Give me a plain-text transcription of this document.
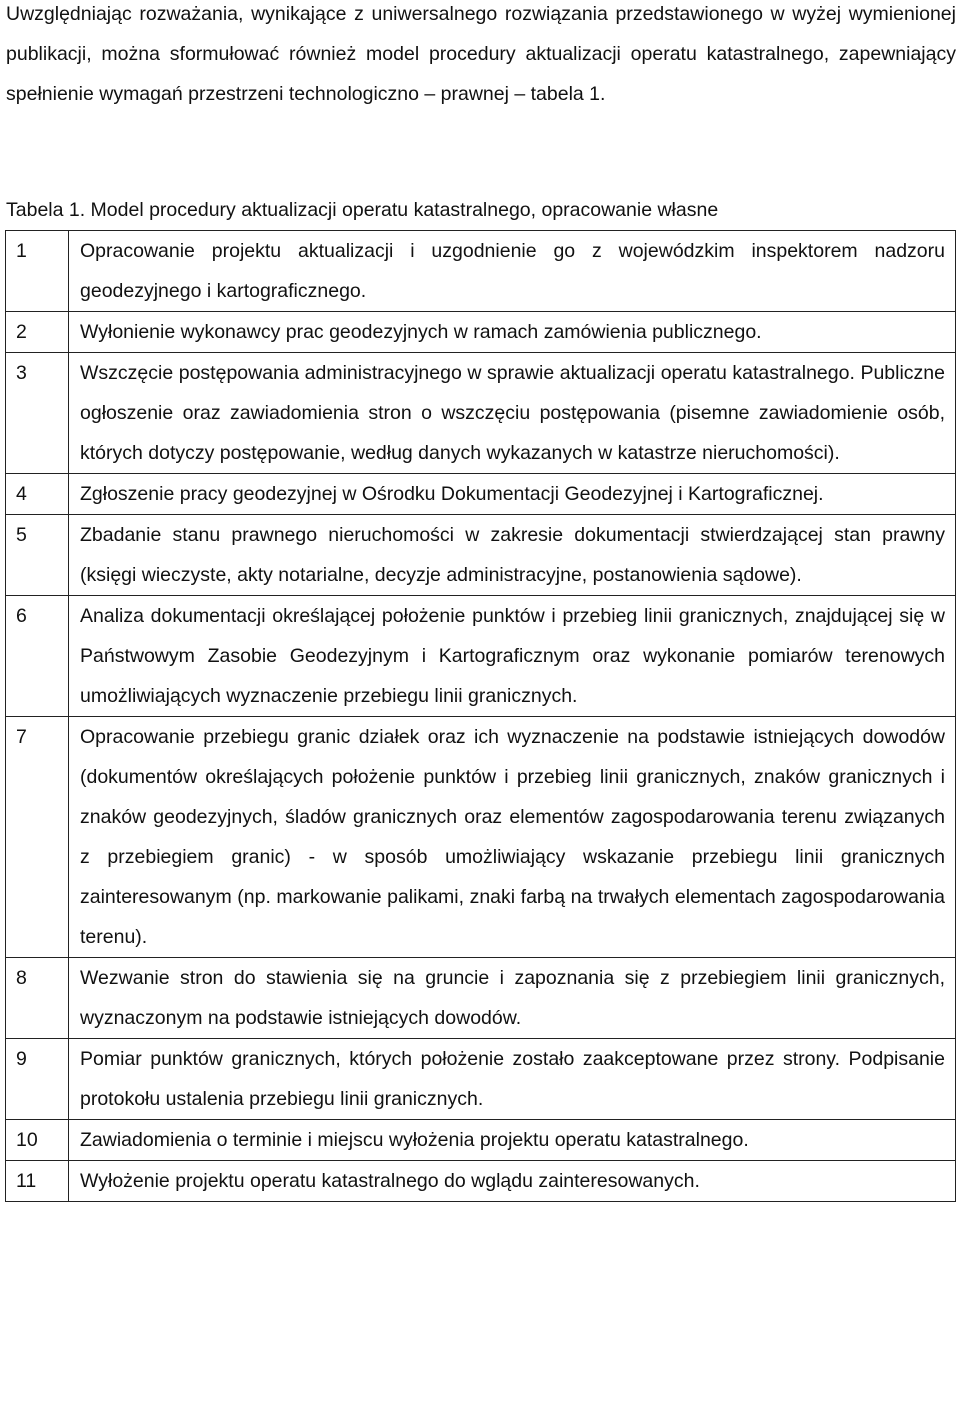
Uwzględniając rozważania, wynikające z uniwersalnego rozwiązania przedstawionego w wyżej wymienionej publikacji, można sformułować również model procedury aktualizacji operatu katastralnego, zapewniający spełnienie wymagań przestrzeni technologiczno – prawnej – tabela 1.

Tabela 1. Model procedury aktualizacji operatu katastralnego, opracowanie własne

1	Opracowanie projektu aktualizacji i uzgodnienie go z wojewódzkim inspektorem nadzoru geodezyjnego i kartograficznego.
2	Wyłonienie wykonawcy prac geodezyjnych w ramach zamówienia publicznego.
3	Wszczęcie postępowania administracyjnego w sprawie aktualizacji operatu katastralnego. Publiczne ogłoszenie oraz zawiadomienia stron o wszczęciu postępowania (pisemne zawiadomienie osób, których dotyczy postępowanie, według danych wykazanych w katastrze nieruchomości).
4	Zgłoszenie pracy geodezyjnej w Ośrodku Dokumentacji Geodezyjnej i Kartograficznej.
5	Zbadanie stanu prawnego nieruchomości w zakresie dokumentacji stwierdzającej stan prawny (księgi wieczyste, akty notarialne, decyzje administracyjne, postanowienia sądowe).
6	Analiza dokumentacji określającej położenie punktów i przebieg linii granicznych, znajdującej się w Państwowym Zasobie Geodezyjnym i Kartograficznym oraz wykonanie pomiarów terenowych umożliwiających wyznaczenie przebiegu linii granicznych.
7	Opracowanie przebiegu granic działek oraz ich wyznaczenie na podstawie istniejących dowodów (dokumentów określających położenie punktów i przebieg linii granicznych, znaków granicznych i znaków geodezyjnych, śladów granicznych oraz elementów zagospodarowania terenu związanych z przebiegiem granic) - w sposób umożliwiający wskazanie przebiegu linii granicznych zainteresowanym (np. markowanie palikami, znaki farbą na trwałych elementach zagospodarowania terenu).
8	Wezwanie stron do stawienia się na gruncie i zapoznania się z przebiegiem linii granicznych, wyznaczonym na podstawie istniejących dowodów.
9	Pomiar punktów granicznych, których położenie zostało zaakceptowane przez strony. Podpisanie protokołu ustalenia przebiegu linii granicznych.
10	Zawiadomienia o terminie i miejscu wyłożenia projektu operatu katastralnego.
11	Wyłożenie projektu operatu katastralnego do wglądu zainteresowanych.
